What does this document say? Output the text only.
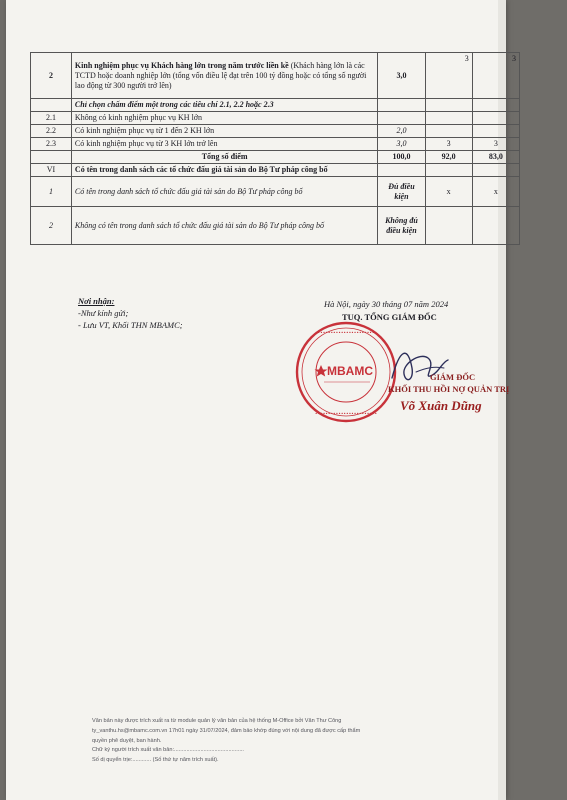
2	Kinh nghiệm phục vụ Khách hàng lớn trong năm trước liền kề (Khách hàng lớn là các TCTD hoặc doanh nghiệp lớn (tổng vốn điều lệ đạt trên 100 tỷ đồng hoặc có tổng số người lao động từ 300 người trở lên)	3,0	3	3
	Chỉ chọn chấm điểm một trong các tiêu chí 2.1, 2.2 hoặc 2.3			
2.1	Không có kinh nghiệm phục vụ KH lớn			
2.2	Có kinh nghiệm phục vụ từ 1 đến 2 KH lớn	2,0		
2.3	Có kinh nghiệm phục vụ từ 3 KH lớn trở lên	3,0	3	3
	Tổng số điểm	100,0	92,0	83,0
VI	Có tên trong danh sách các tổ chức đấu giá tài sản do Bộ Tư pháp công bố			
1	Có tên trong danh sách tổ chức đấu giá tài sản do Bộ Tư pháp công bố	Đủ điều kiện	x	x
2	Không có tên trong danh sách tổ chức đấu giá tài sản do Bộ Tư pháp công bố	Không đủ điều kiện		
Nơi nhận:
-Như kính gửi;
- Lưu VT, Khối THN MBAMC;
Hà Nội, ngày 30 tháng 07 năm 2024
TUQ. TỔNG GIÁM ĐỐC
••••••••••••••••••••••••
••••••••••••••••••••••••
MBAMC	GIÁM ĐỐC
KHỐI THU HỒI NỢ QUẢN TRỊ
Võ Xuân Dũng
Văn bản này được trích xuất ra từ module quản lý văn bản của hệ thống M-Office bởi Văn Thư Công
ty_vanthu.hs@mbamc.com.vn 17h01 ngày 31/07/2024, đảm bảo khớp đúng với nội dung đã được cấp thẩm
quyền phê duyệt, ban hành.
Chữ ký người trích xuất văn bản:.............................................
Số dị quyển trịe:............ (Số thứ tự năm trích xuất).
